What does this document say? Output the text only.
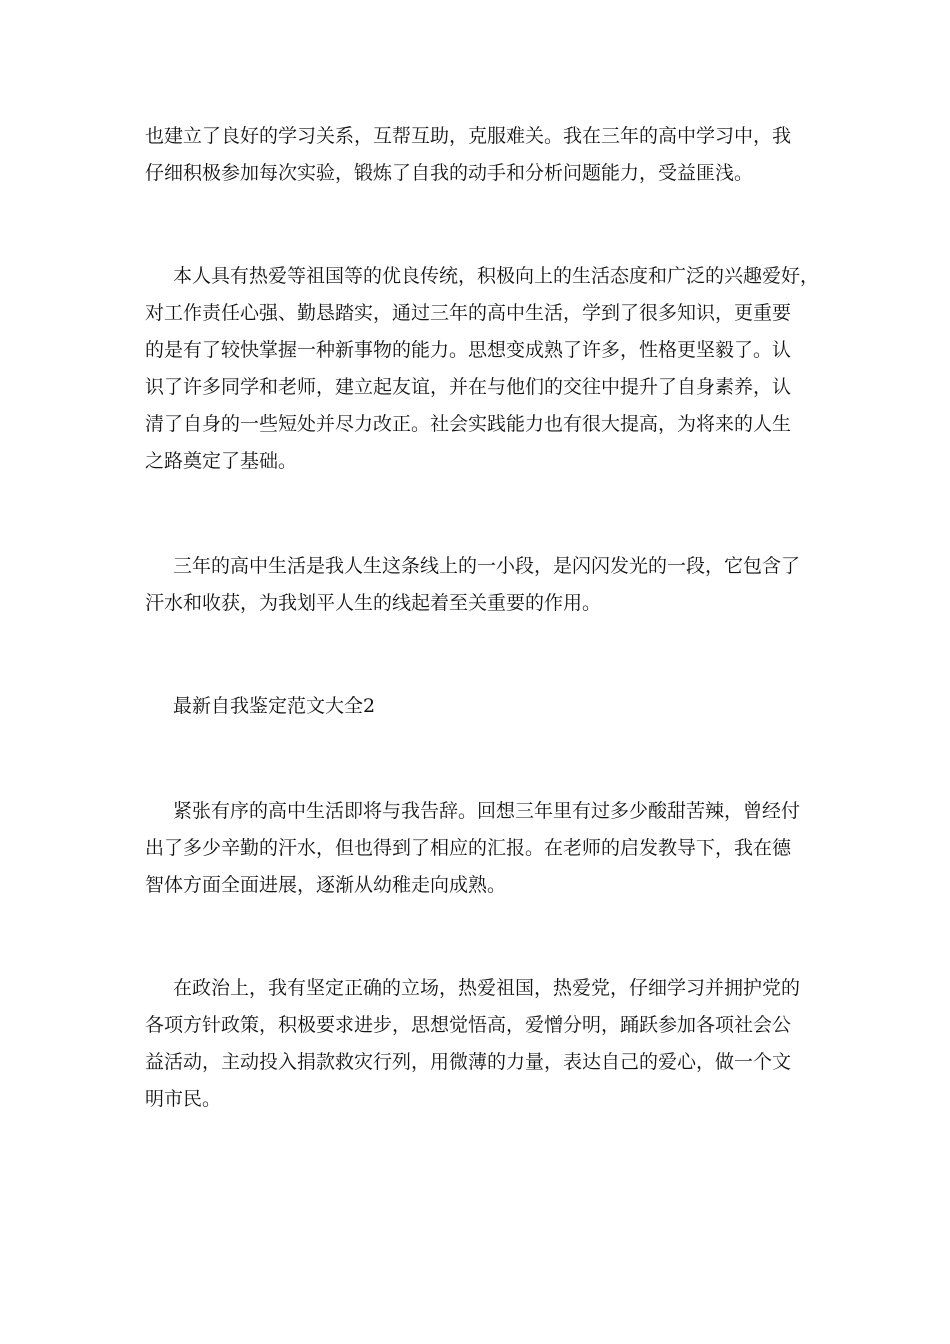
也建立了良好的学习关系，互帮互助，克服难关。我在三年的高中学习中，我
仔细积极参加每次实验，锻炼了自我的动手和分析问题能力，受益匪浅。
本人具有热爱等祖国等的优良传统，积极向上的生活态度和广泛的兴趣爱好，
对工作责任心强、勤恳踏实，通过三年的高中生活，学到了很多知识，更重要
的是有了较快掌握一种新事物的能力。思想变成熟了许多，性格更坚毅了。认
识了许多同学和老师，建立起友谊，并在与他们的交往中提升了自身素养，认
清了自身的一些短处并尽力改正。社会实践能力也有很大提高，为将来的人生
之路奠定了基础。
三年的高中生活是我人生这条线上的一小段，是闪闪发光的一段，它包含了
汗水和收获，为我划平人生的线起着至关重要的作用。
最新自我鉴定范文大全2
紧张有序的高中生活即将与我告辞。回想三年里有过多少酸甜苦辣，曾经付
出了多少辛勤的汗水，但也得到了相应的汇报。在老师的启发教导下，我在德
智体方面全面进展，逐渐从幼稚走向成熟。
在政治上，我有坚定正确的立场，热爱祖国，热爱党，仔细学习并拥护党的
各项方针政策，积极要求进步，思想觉悟高，爱憎分明，踊跃参加各项社会公
益活动，主动投入捐款救灾行列，用微薄的力量，表达自己的爱心，做一个文
明市民。
